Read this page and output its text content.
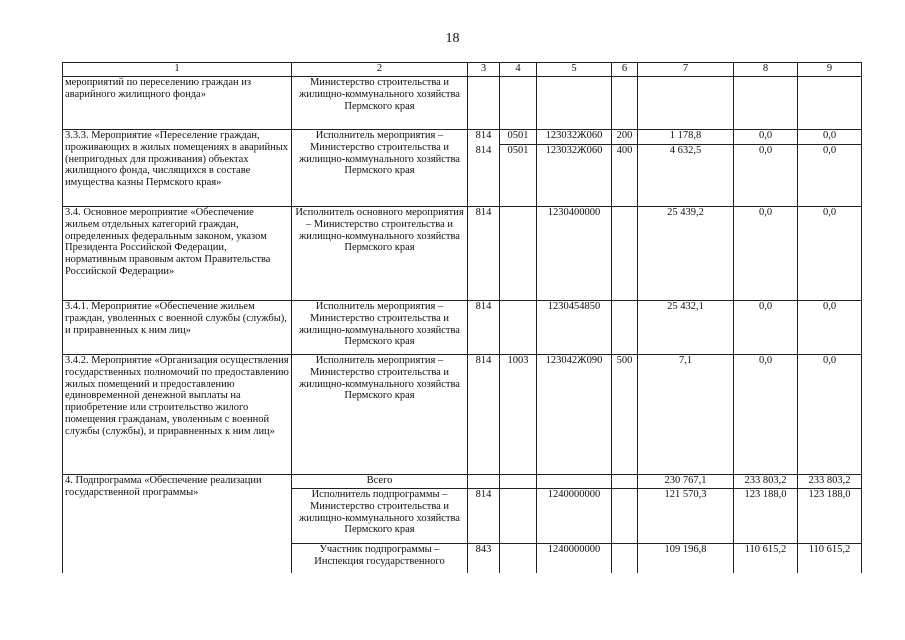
18
1	2	3	4	5	6	7	8	9
мероприятий по переселению граждан из аварийного жилищного фонда»	Министерство строительства и жилищно-коммунального хозяйства Пермского края							
3.3.3. Мероприятие «Переселение граждан, проживающих в жилых помещениях в аварийных (непригодных для проживания) объектах жилищного фонда, числящихся в составе имущества казны Пермского края»	Исполнитель мероприятия – Министерство строительства и жилищно-коммунального хозяйства Пермского края	814	0501	123032Ж060	200	1 178,8	0,0	0,0
		814	0501	123032Ж060	400	4 632,5	0,0	0,0
3.4. Основное мероприятие «Обеспечение жильем отдельных категорий граждан, определенных федеральным законом, указом Президента Российской Федерации, нормативным правовым актом Правительства Российской Федерации»	Исполнитель основного мероприятия – Министерство строительства и жилищно-коммунального хозяйства Пермского края	814		1230400000		25 439,2	0,0	0,0
3.4.1. Мероприятие «Обеспечение жильем граждан, уволенных с военной службы (службы), и приравненных к ним лиц»	Исполнитель мероприятия – Министерство строительства и жилищно-коммунального хозяйства Пермского края	814		1230454850		25 432,1	0,0	0,0
3.4.2. Мероприятие «Организация осуществления государственных полномочий по предоставлению жилых помещений и предоставлению единовременной денежной выплаты на приобретение или строительство жилого помещения гражданам, уволенным с военной службы (службы), и приравненных к ним лиц»	Исполнитель мероприятия – Министерство строительства и жилищно-коммунального хозяйства Пермского края	814	1003	123042Ж090	500	7,1	0,0	0,0
4. Подпрограмма «Обеспечение реализации государственной программы»	Всего					230 767,1	233 803,2	233 803,2
	Исполнитель подпрограммы – Министерство строительства и жилищно-коммунального хозяйства Пермского края	814		1240000000		121 570,3	123 188,0	123 188,0
	Участник подпрограммы – Инспекция государственного	843		1240000000		109 196,8	110 615,2	110 615,2
